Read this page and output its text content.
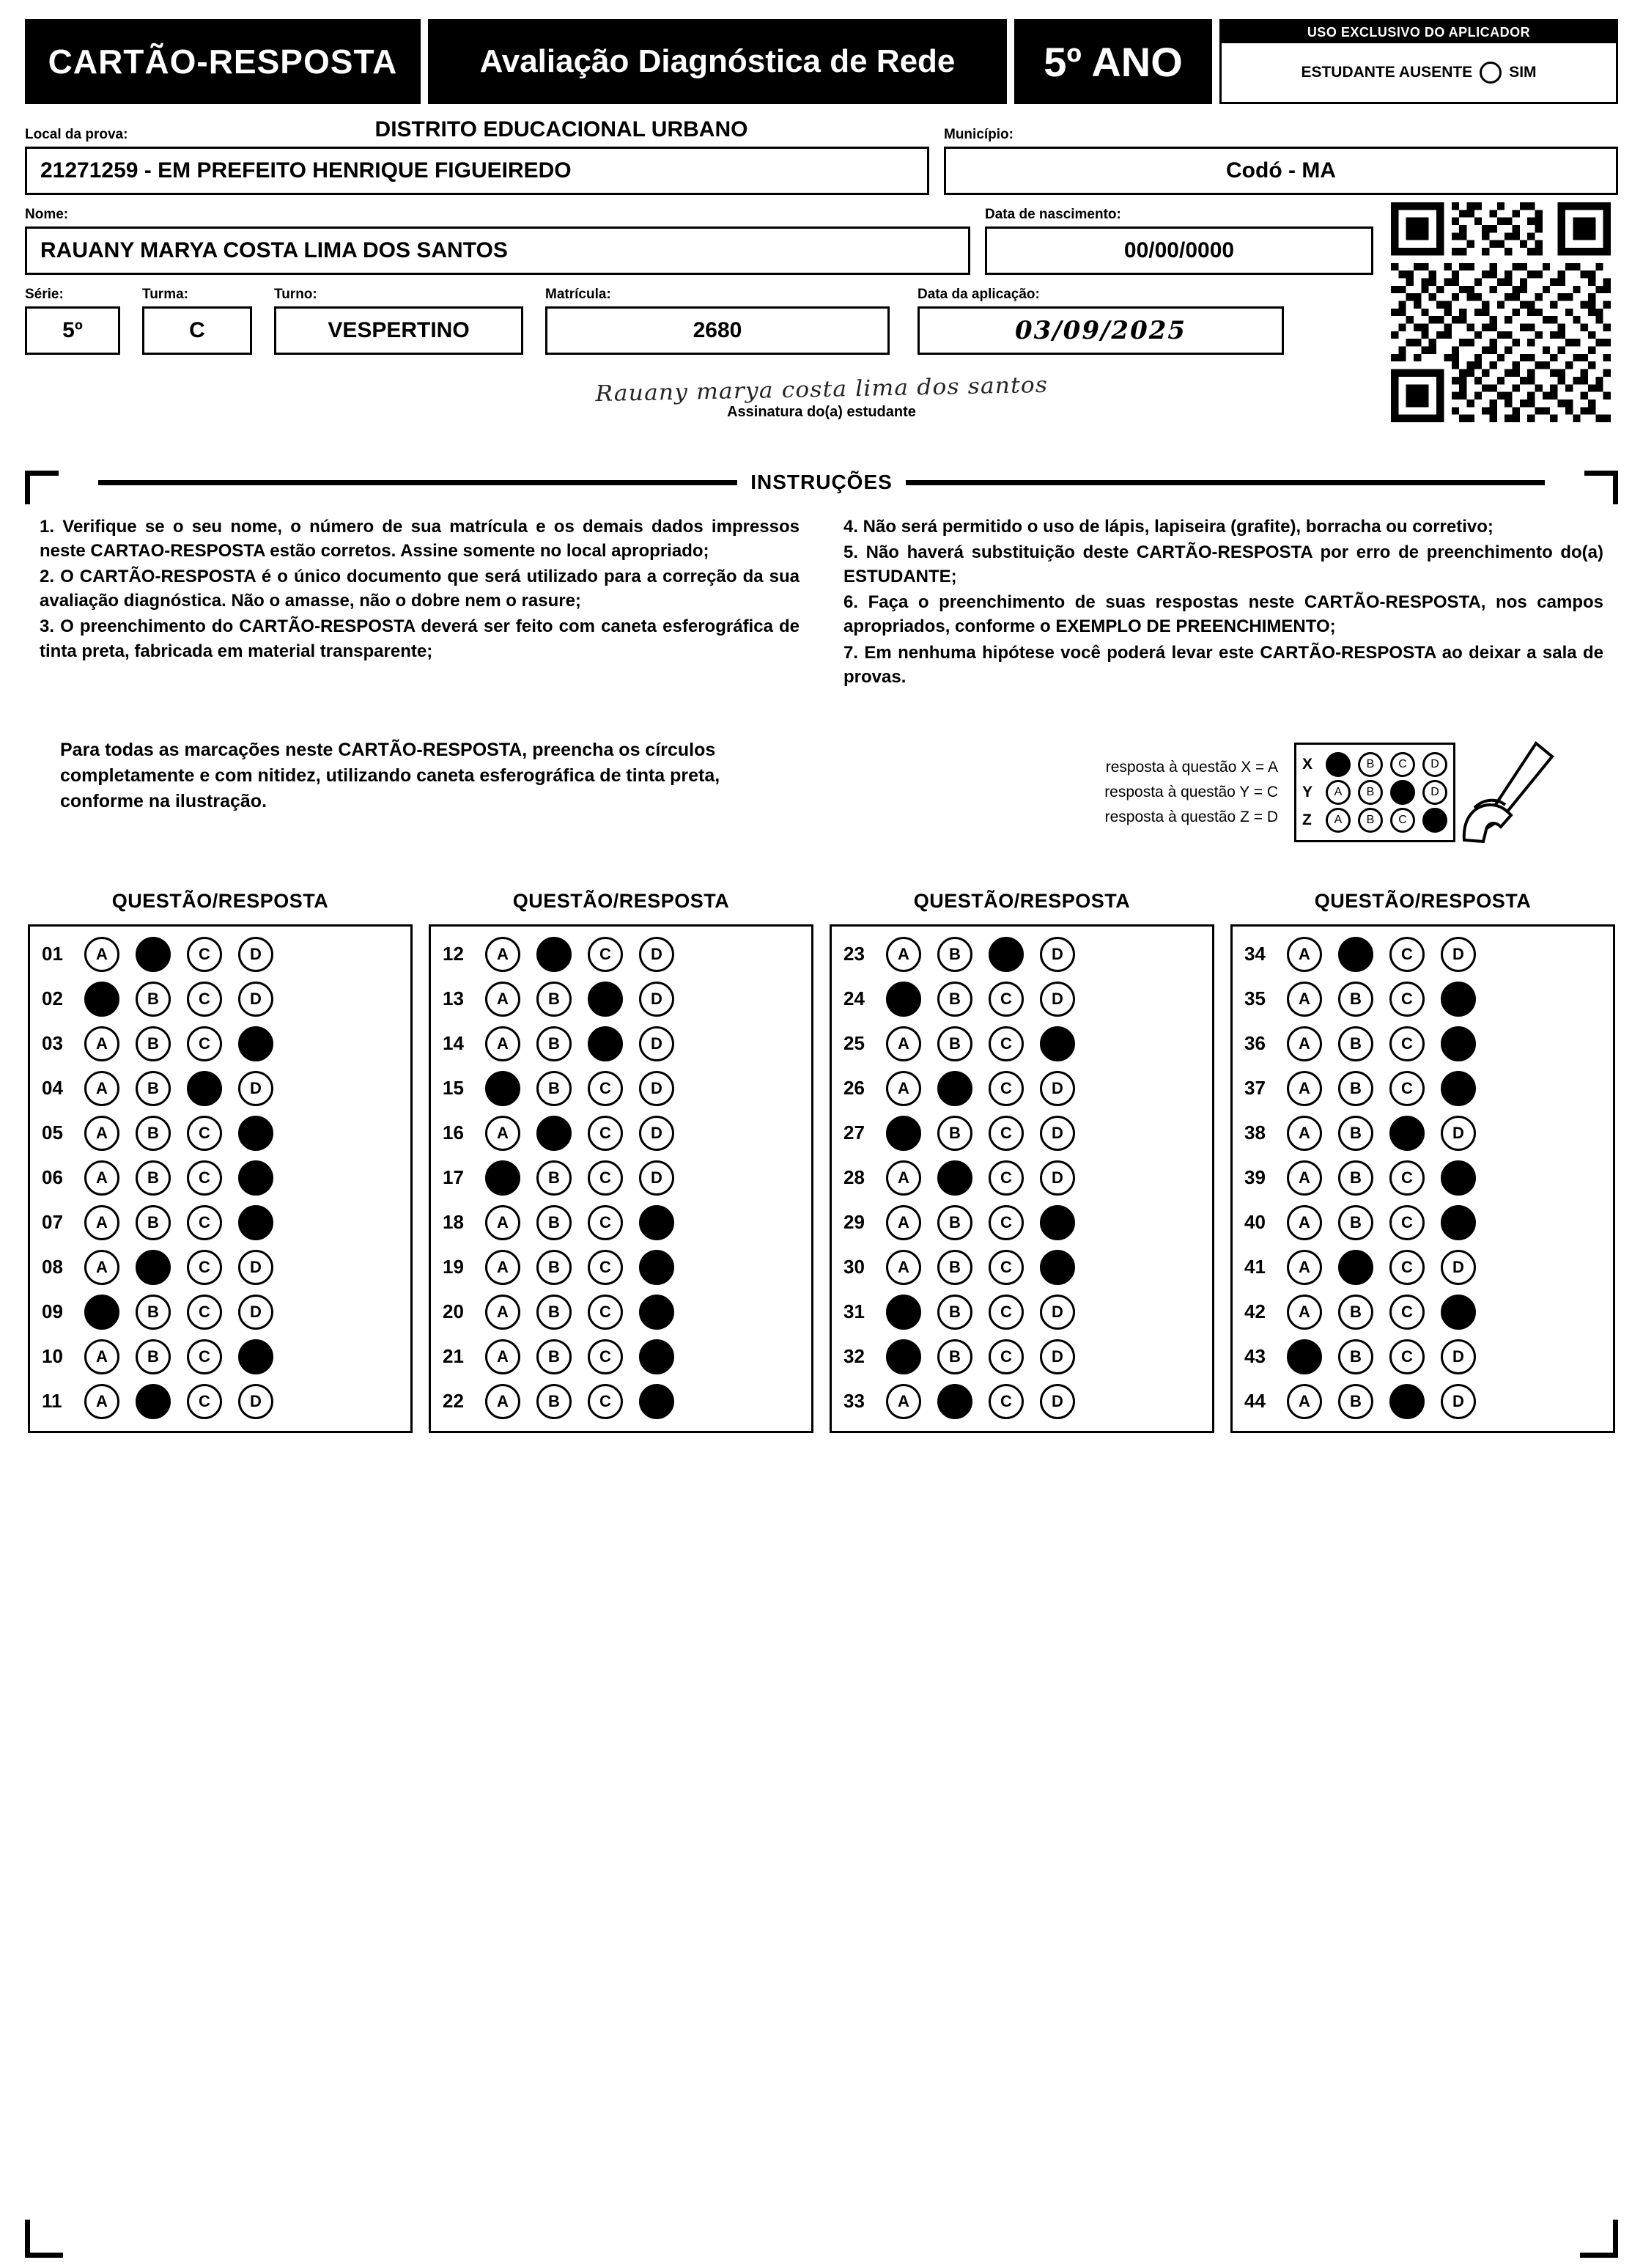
CARTÃO-RESPOSTA	Avaliação Diagnóstica de Rede	5º ANO
USO EXCLUSIVO DO APLICADOR
ESTUDANTE AUSENTE SIM
Local da prova:	DISTRITO EDUCACIONAL URBANO
21271259 - EM PREFEITO HENRIQUE FIGUEIREDO
Município:
Codó - MA
Nome:
RAUANY MARYA COSTA LIMA DOS SANTOS
Data de nascimento:
00/00/0000
Série:
5º
Turma:
C
Turno:
VESPERTINO
Matrícula:
2680
Data da aplicação:
03/09/2025
Rauany marya costa lima dos santos
Assinatura do(a) estudante
INSTRUÇÕES

1. Verifique se o seu nome, o número de sua matrícula e os demais dados impressos neste CARTAO-RESPOSTA estão corretos. Assine somente no local apropriado;

2. O CARTÃO-RESPOSTA é o único documento que será utilizado para a correção da sua avaliação diagnóstica. Não o amasse, não o dobre nem o rasure;

3. O preenchimento do CARTÃO-RESPOSTA deverá ser feito com caneta esferográfica de tinta preta, fabricada em material transparente;

4. Não será permitido o uso de lápis, lapiseira (grafite), borracha ou corretivo;

5. Não haverá substituição deste CARTÃO-RESPOSTA por erro de preenchimento do(a) ESTUDANTE;

6. Faça o preenchimento de suas respostas neste CARTÃO-RESPOSTA, nos campos apropriados, conforme o EXEMPLO DE PREENCHIMENTO;

7. Em nenhuma hipótese você poderá levar este CARTÃO-RESPOSTA ao deixar a sala de provas.

Para todas as marcações neste CARTÃO-RESPOSTA, preencha os círculos completamente e com nitidez, utilizando caneta esferográfica de tinta preta, conforme na ilustração.
resposta à questão X = A
resposta à questão Y = C
resposta à questão Z = D
X	B	C	D
Y	A	B	D
Z	A	B	C
QUESTÃO/RESPOSTA
01	A	C	D
02	B	C	D
03	A	B	C
04	A	B	D
05	A	B	C
06	A	B	C
07	A	B	C
08	A	C	D
09	B	C	D
10	A	B	C
11	A	C	D
QUESTÃO/RESPOSTA
12	A	C	D
13	A	B	D
14	A	B	D
15	B	C	D
16	A	C	D
17	B	C	D
18	A	B	C
19	A	B	C
20	A	B	C
21	A	B	C
22	A	B	C
QUESTÃO/RESPOSTA
23	A	B	D
24	B	C	D
25	A	B	C
26	A	C	D
27	B	C	D
28	A	C	D
29	A	B	C
30	A	B	C
31	B	C	D
32	B	C	D
33	A	C	D
QUESTÃO/RESPOSTA
34	A	C	D
35	A	B	C
36	A	B	C
37	A	B	C
38	A	B	D
39	A	B	C
40	A	B	C
41	A	C	D
42	A	B	C
43	B	C	D
44	A	B	D
